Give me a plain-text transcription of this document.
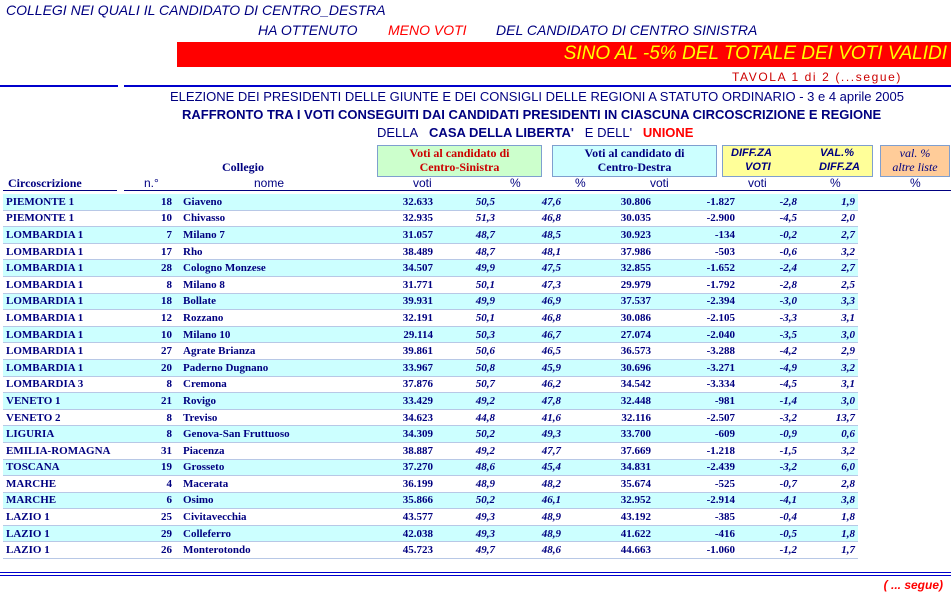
COLLEGI NEI QUALI IL CANDIDATO DI CENTRO_DESTRA
HA OTTENUTO MENO VOTI DEL CANDIDATO DI CENTRO SINISTRA
SINO AL -5% DEL TOTALE DEI VOTI VALIDI
TAVOLA 1 di 2 (...segue)
ELEZIONE DEI PRESIDENTI DELLE GIUNTE E DEI CONSIGLI DELLE REGIONI A STATUTO ORDINARIO - 3 e 4 aprile 2005
RAFFRONTO TRA I VOTI CONSEGUITI DAI CANDIDATI PRESIDENTI IN CIASCUNA CIRCOSCRIZIONE E REGIONE
DELLA CASA DELLA LIBERTA' E DELL' UNIONE
Voti al candidato di
Centro-Sinistra
Voti al candidato di
Centro-Destra
DIFF.ZA	VAL.%
VOTI	DIFF.ZA
val. %
altre liste
Collegio
Circoscrizione	n.°	nome	voti	%	%	voti	voti	%	%
PIEMONTE 1	18	Giaveno	32.633	50,5	47,6	30.806	-1.827	-2,8	1,9
PIEMONTE 1	10	Chivasso	32.935	51,3	46,8	30.035	-2.900	-4,5	2,0
LOMBARDIA 1	7	Milano 7	31.057	48,7	48,5	30.923	-134	-0,2	2,7
LOMBARDIA 1	17	Rho	38.489	48,7	48,1	37.986	-503	-0,6	3,2
LOMBARDIA 1	28	Cologno Monzese	34.507	49,9	47,5	32.855	-1.652	-2,4	2,7
LOMBARDIA 1	8	Milano 8	31.771	50,1	47,3	29.979	-1.792	-2,8	2,5
LOMBARDIA 1	18	Bollate	39.931	49,9	46,9	37.537	-2.394	-3,0	3,3
LOMBARDIA 1	12	Rozzano	32.191	50,1	46,8	30.086	-2.105	-3,3	3,1
LOMBARDIA 1	10	Milano 10	29.114	50,3	46,7	27.074	-2.040	-3,5	3,0
LOMBARDIA 1	27	Agrate Brianza	39.861	50,6	46,5	36.573	-3.288	-4,2	2,9
LOMBARDIA 1	20	Paderno Dugnano	33.967	50,8	45,9	30.696	-3.271	-4,9	3,2
LOMBARDIA 3	8	Cremona	37.876	50,7	46,2	34.542	-3.334	-4,5	3,1
VENETO 1	21	Rovigo	33.429	49,2	47,8	32.448	-981	-1,4	3,0
VENETO 2	8	Treviso	34.623	44,8	41,6	32.116	-2.507	-3,2	13,7
LIGURIA	8	Genova-San Fruttuoso	34.309	50,2	49,3	33.700	-609	-0,9	0,6
EMILIA-ROMAGNA	31	Piacenza	38.887	49,2	47,7	37.669	-1.218	-1,5	3,2
TOSCANA	19	Grosseto	37.270	48,6	45,4	34.831	-2.439	-3,2	6,0
MARCHE	4	Macerata	36.199	48,9	48,2	35.674	-525	-0,7	2,8
MARCHE	6	Osimo	35.866	50,2	46,1	32.952	-2.914	-4,1	3,8
LAZIO 1	25	Civitavecchia	43.577	49,3	48,9	43.192	-385	-0,4	1,8
LAZIO 1	29	Colleferro	42.038	49,3	48,9	41.622	-416	-0,5	1,8
LAZIO 1	26	Monterotondo	45.723	49,7	48,6	44.663	-1.060	-1,2	1,7
( ... segue)
